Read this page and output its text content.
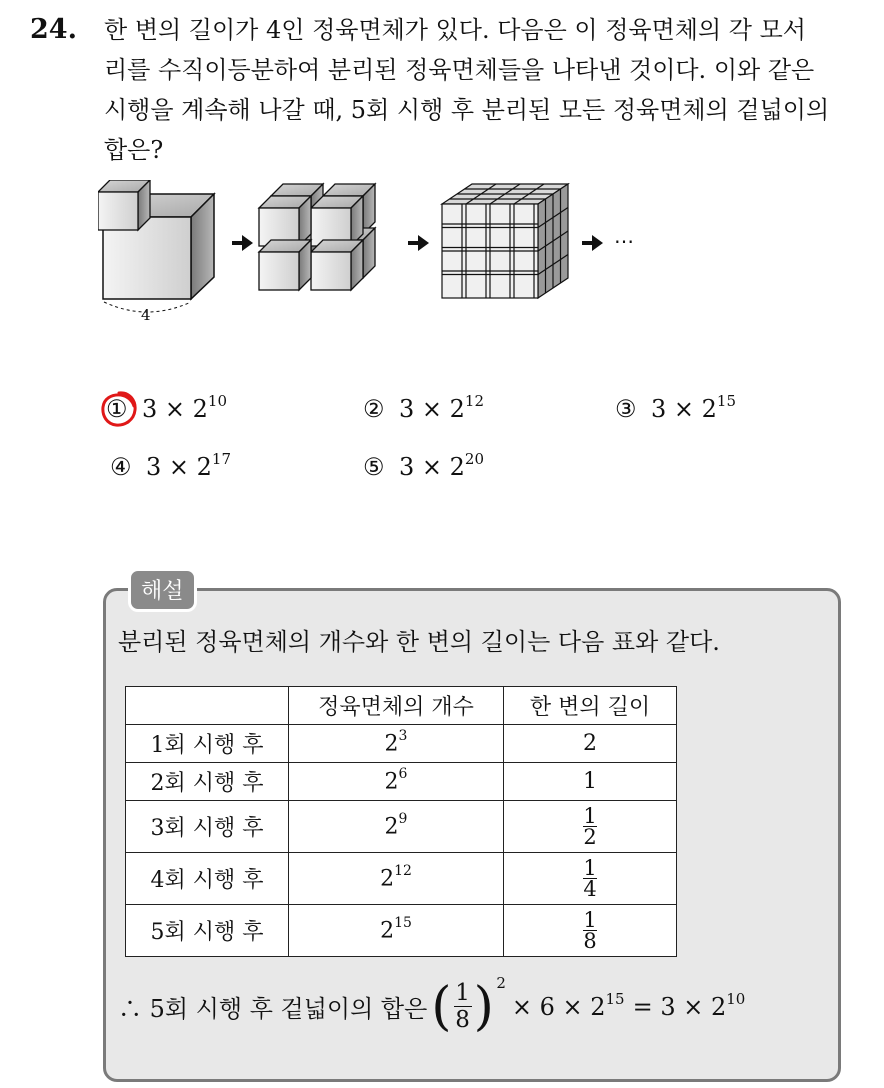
24. 한 변의 길이가 4인 정육면체가 있다. 다음은 이 정육면체의 각 모서
리를 수직이등분하여 분리된 정육면체들을 나타낸 것이다. 이와 같은
시행을 계속해 나갈 때, 5회 시행 후 분리된 모든 정육면체의 겉넓이의
합은?
4
⋯
① $3 \times 2^{10}$	② $3 \times 2^{12}$	③ $3 \times 2^{15}$
④ $3 \times 2^{17}$	⑤ $3 \times 2^{20}$
해설
분리된 정육면체의 개수와 한 변의 길이는 다음 표와 같다.
	정육면체의 개수	한 변의 길이
1회 시행 후	$2^3$	2
2회 시행 후	$2^6$	1
3회 시행 후	$2^9$	$\frac{1}{2}$

4회 시행 후	$2^{12}$	$\frac{1}{4}$

5회 시행 후	$2^{15}$	$\frac{1}{8}$
∴ 5회 시행 후 겉넓이의 합은 ( 1
8 ) 2
× $6 \times 2^{15} = 3 \times 2^{10}$
